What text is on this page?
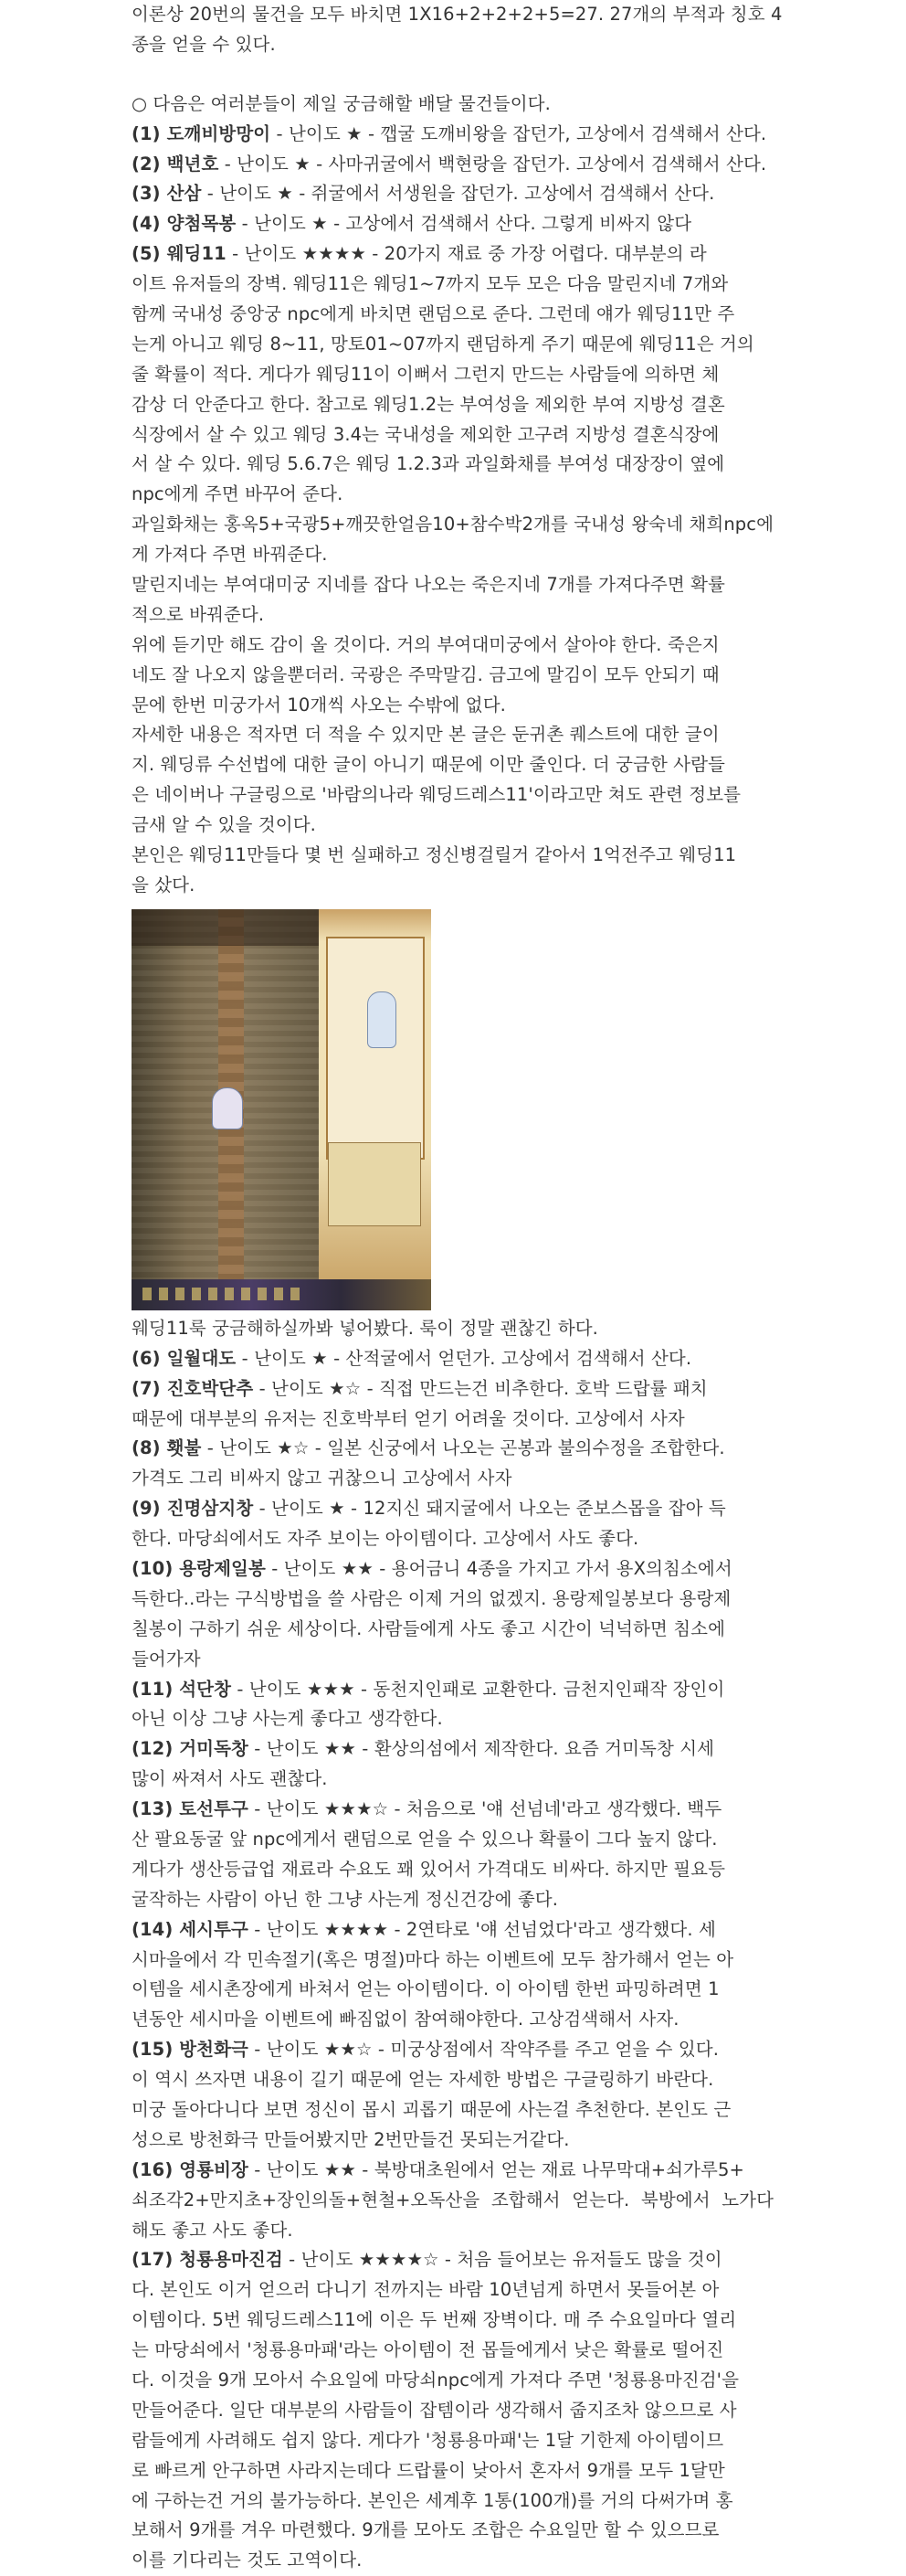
이론상 20번의 물건을 모두 바치면 1X16+2+2+2+5=27. 27개의 부적과 칭호 4
종을 얻을 수 있다.
○ 다음은 여러분들이 제일 궁금해할 배달 물건들이다.
(1) 도깨비방망이 - 난이도 ★ - 깹굴 도깨비왕을 잡던가, 고상에서 검색해서 산다.
(2) 백년호 - 난이도 ★ - 사마귀굴에서 백현랑을 잡던가. 고상에서 검색해서 산다.
(3) 산삼 - 난이도 ★ - 쥐굴에서 서생원을 잡던가. 고상에서 검색해서 산다.
(4) 양첨목봉 - 난이도 ★ - 고상에서 검색해서 산다. 그렇게 비싸지 않다
(5) 웨딩11 - 난이도 ★★★★ - 20가지 재료 중 가장 어렵다. 대부분의 라
이트 유저들의 장벽. 웨딩11은 웨딩1~7까지 모두 모은 다음 말린지네 7개와
함께 국내성 중앙궁 npc에게 바치면 랜덤으로 준다. 그런데 얘가 웨딩11만 주
는게 아니고 웨딩 8~11, 망토01~07까지 랜덤하게 주기 때문에 웨딩11은 거의
줄 확률이 적다. 게다가 웨딩11이 이뻐서 그런지 만드는 사람들에 의하면 체
감상 더 안준다고 한다. 참고로 웨딩1.2는 부여성을 제외한 부여 지방성 결혼
식장에서 살 수 있고 웨딩 3.4는 국내성을 제외한 고구려 지방성 결혼식장에
서 살 수 있다. 웨딩 5.6.7은 웨딩 1.2.3과 과일화채를 부여성 대장장이 옆에
npc에게 주면 바꾸어 준다.
과일화채는 홍옥5+국광5+깨끗한얼음10+참수박2개를 국내성 왕숙네 채희npc에
게 가져다 주면 바꿔준다.
말린지네는 부여대미궁 지네를 잡다 나오는 죽은지네 7개를 가져다주면 확률
적으로 바꿔준다.
위에 듣기만 해도 감이 올 것이다. 거의 부여대미궁에서 살아야 한다. 죽은지
네도 잘 나오지 않을뿐더러. 국광은 주막말김. 금고에 말김이 모두 안되기 때
문에 한번 미궁가서 10개씩 사오는 수밖에 없다.
자세한 내용은 적자면 더 적을 수 있지만 본 글은 둔귀촌 퀘스트에 대한 글이
지. 웨딩류 수선법에 대한 글이 아니기 때문에 이만 줄인다. 더 궁금한 사람들
은 네이버나 구글링으로 '바람의나라 웨딩드레스11'이라고만 쳐도 관련 정보를
금새 알 수 있을 것이다.
본인은 웨딩11만들다 몇 번 실패하고 정신병걸릴거 같아서 1억전주고 웨딩11
을 샀다.
웨딩11룩 궁금해하실까봐 넣어봤다. 룩이 정말 괜찮긴 하다.
(6) 일월대도 - 난이도 ★ - 산적굴에서 얻던가. 고상에서 검색해서 산다.
(7) 진호박단추 - 난이도 ★☆ - 직접 만드는건 비추한다. 호박 드랍률 패치
때문에 대부분의 유저는 진호박부터 얻기 어려울 것이다. 고상에서 사자
(8) 횃불 - 난이도 ★☆ - 일본 신궁에서 나오는 곤봉과 불의수정을 조합한다.
가격도 그리 비싸지 않고 귀찮으니 고상에서 사자
(9) 진명삼지창 - 난이도 ★ - 12지신 돼지굴에서 나오는 준보스몹을 잡아 득
한다. 마당쇠에서도 자주 보이는 아이템이다. 고상에서 사도 좋다.
(10) 용랑제일봉 - 난이도 ★★ - 용어금니 4종을 가지고 가서 용X의침소에서
득한다..라는 구식방법을 쓸 사람은 이제 거의 없겠지. 용랑제일봉보다 용랑제
칠봉이 구하기 쉬운 세상이다. 사람들에게 사도 좋고 시간이 넉넉하면 침소에
들어가자
(11) 석단창 - 난이도 ★★★ - 동천지인패로 교환한다. 금천지인패작 장인이
아닌 이상 그냥 사는게 좋다고 생각한다.
(12) 거미독창 - 난이도 ★★ - 환상의섬에서 제작한다. 요즘 거미독창 시세
많이 싸져서 사도 괜찮다.
(13) 토선투구 - 난이도 ★★★☆ - 처음으로 '얘 선넘네'라고 생각했다. 백두
산 팔요동굴 앞 npc에게서 랜덤으로 얻을 수 있으나 확률이 그다 높지 않다.
게다가 생산등급업 재료라 수요도 꽤 있어서 가격대도 비싸다. 하지만 필요등
굴작하는 사람이 아닌 한 그냥 사는게 정신건강에 좋다.
(14) 세시투구 - 난이도 ★★★★ - 2연타로 '얘 선넘었다'라고 생각했다. 세
시마을에서 각 민속절기(혹은 명절)마다 하는 이벤트에 모두 참가해서 얻는 아
이템을 세시촌장에게 바쳐서 얻는 아이템이다. 이 아이템 한번 파밍하려면 1
년동안 세시마을 이벤트에 빠짐없이 참여해야한다. 고상검색해서 사자.
(15) 방천화극 - 난이도 ★★☆ - 미궁상점에서 작약주를 주고 얻을 수 있다.
이 역시 쓰자면 내용이 길기 때문에 얻는 자세한 방법은 구글링하기 바란다.
미궁 돌아다니다 보면 정신이 몹시 괴롭기 때문에 사는걸 추천한다. 본인도 근
성으로 방천화극 만들어봤지만 2번만들건 못되는거같다.
(16) 영룡비장 - 난이도 ★★ - 북방대초원에서 얻는 재료 나무막대+쇠가루5+
쇠조각2+만지초+장인의돌+현철+오독산을  조합해서  얻는다.  북방에서  노가다
해도 좋고 사도 좋다.
(17) 청룡용마진검 - 난이도 ★★★★☆ - 처음 들어보는 유저들도 많을 것이
다. 본인도 이거 얻으러 다니기 전까지는 바람 10년넘게 하면서 못들어본 아
이템이다. 5번 웨딩드레스11에 이은 두 번째 장벽이다. 매 주 수요일마다 열리
는 마당쇠에서 '청룡용마패'라는 아이템이 전 몹들에게서 낮은 확률로 떨어진
다. 이것을 9개 모아서 수요일에 마당쇠npc에게 가져다 주면 '청룡용마진검'을
만들어준다. 일단 대부분의 사람들이 잡템이라 생각해서 줍지조차 않으므로 사
람들에게 사려해도 쉽지 않다. 게다가 '청룡용마패'는 1달 기한제 아이템이므
로 빠르게 안구하면 사라지는데다 드랍률이 낮아서 혼자서 9개를 모두 1달만
에 구하는건 거의 불가능하다. 본인은 세계후 1통(100개)를 거의 다써가며 홍
보해서 9개를 겨우 마련했다. 9개를 모아도 조합은 수요일만 할 수 있으므로
이를 기다리는 것도 고역이다.
